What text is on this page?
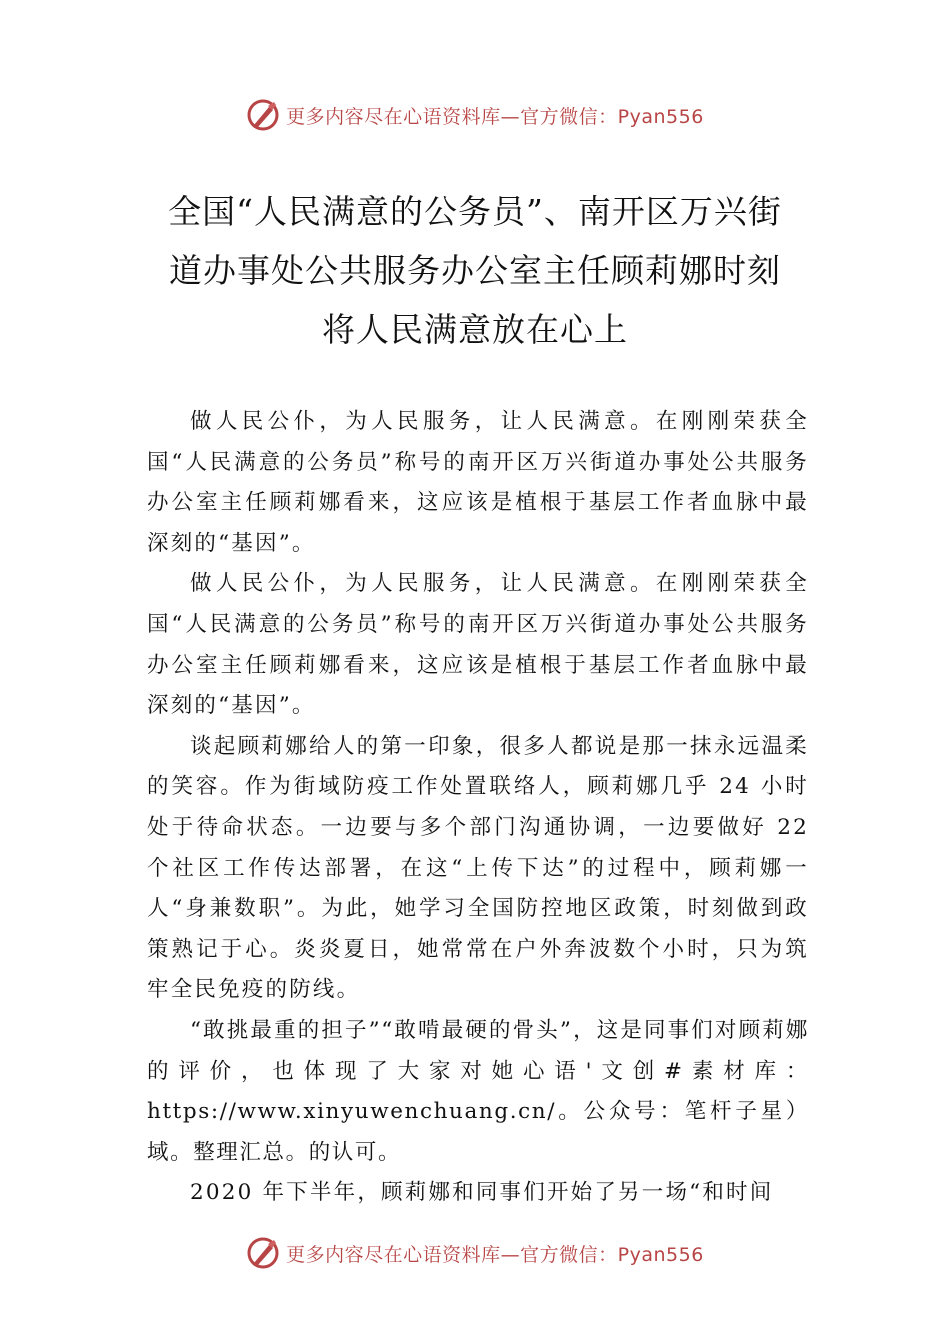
更多内容尽在心语资料库—官方微信：Pyan556
全国“人民满意的公务员”、南开区万兴街
道办事处公共服务办公室主任顾莉娜时刻
将人民满意放在心上

做人民公仆，为人民服务，让人民满意。在刚刚荣获全国“人民满意的公务员”称号的南开区万兴街道办事处公共服务办公室主任顾莉娜看来，这应该是植根于基层工作者血脉中最深刻的“基因”。

做人民公仆，为人民服务，让人民满意。在刚刚荣获全国“人民满意的公务员”称号的南开区万兴街道办事处公共服务办公室主任顾莉娜看来，这应该是植根于基层工作者血脉中最深刻的“基因”。

谈起顾莉娜给人的第一印象，很多人都说是那一抹永远温柔的笑容。作为街域防疫工作处置联络人，顾莉娜几乎 24 小时处于待命状态。一边要与多个部门沟通协调，一边要做好 22 个社区工作传达部署，在这“上传下达”的过程中，顾莉娜一人“身兼数职”。为此，她学习全国防控地区政策，时刻做到政策熟记于心。炎炎夏日，她常常在户外奔波数个小时，只为筑牢全民免疫的防线。

“敢挑最重的担子”“敢啃最硬的骨头”，这是同事们对顾莉娜的评价，也体现了大家对她心语'文创#素材库：https://www.xinyuwenchuang.cn/。公众号：笔杆子星）域。整理汇总。的认可。

2020 年下半年，顾莉娜和同事们开始了另一场“和时间

更多内容尽在心语资料库—官方微信：Pyan556
